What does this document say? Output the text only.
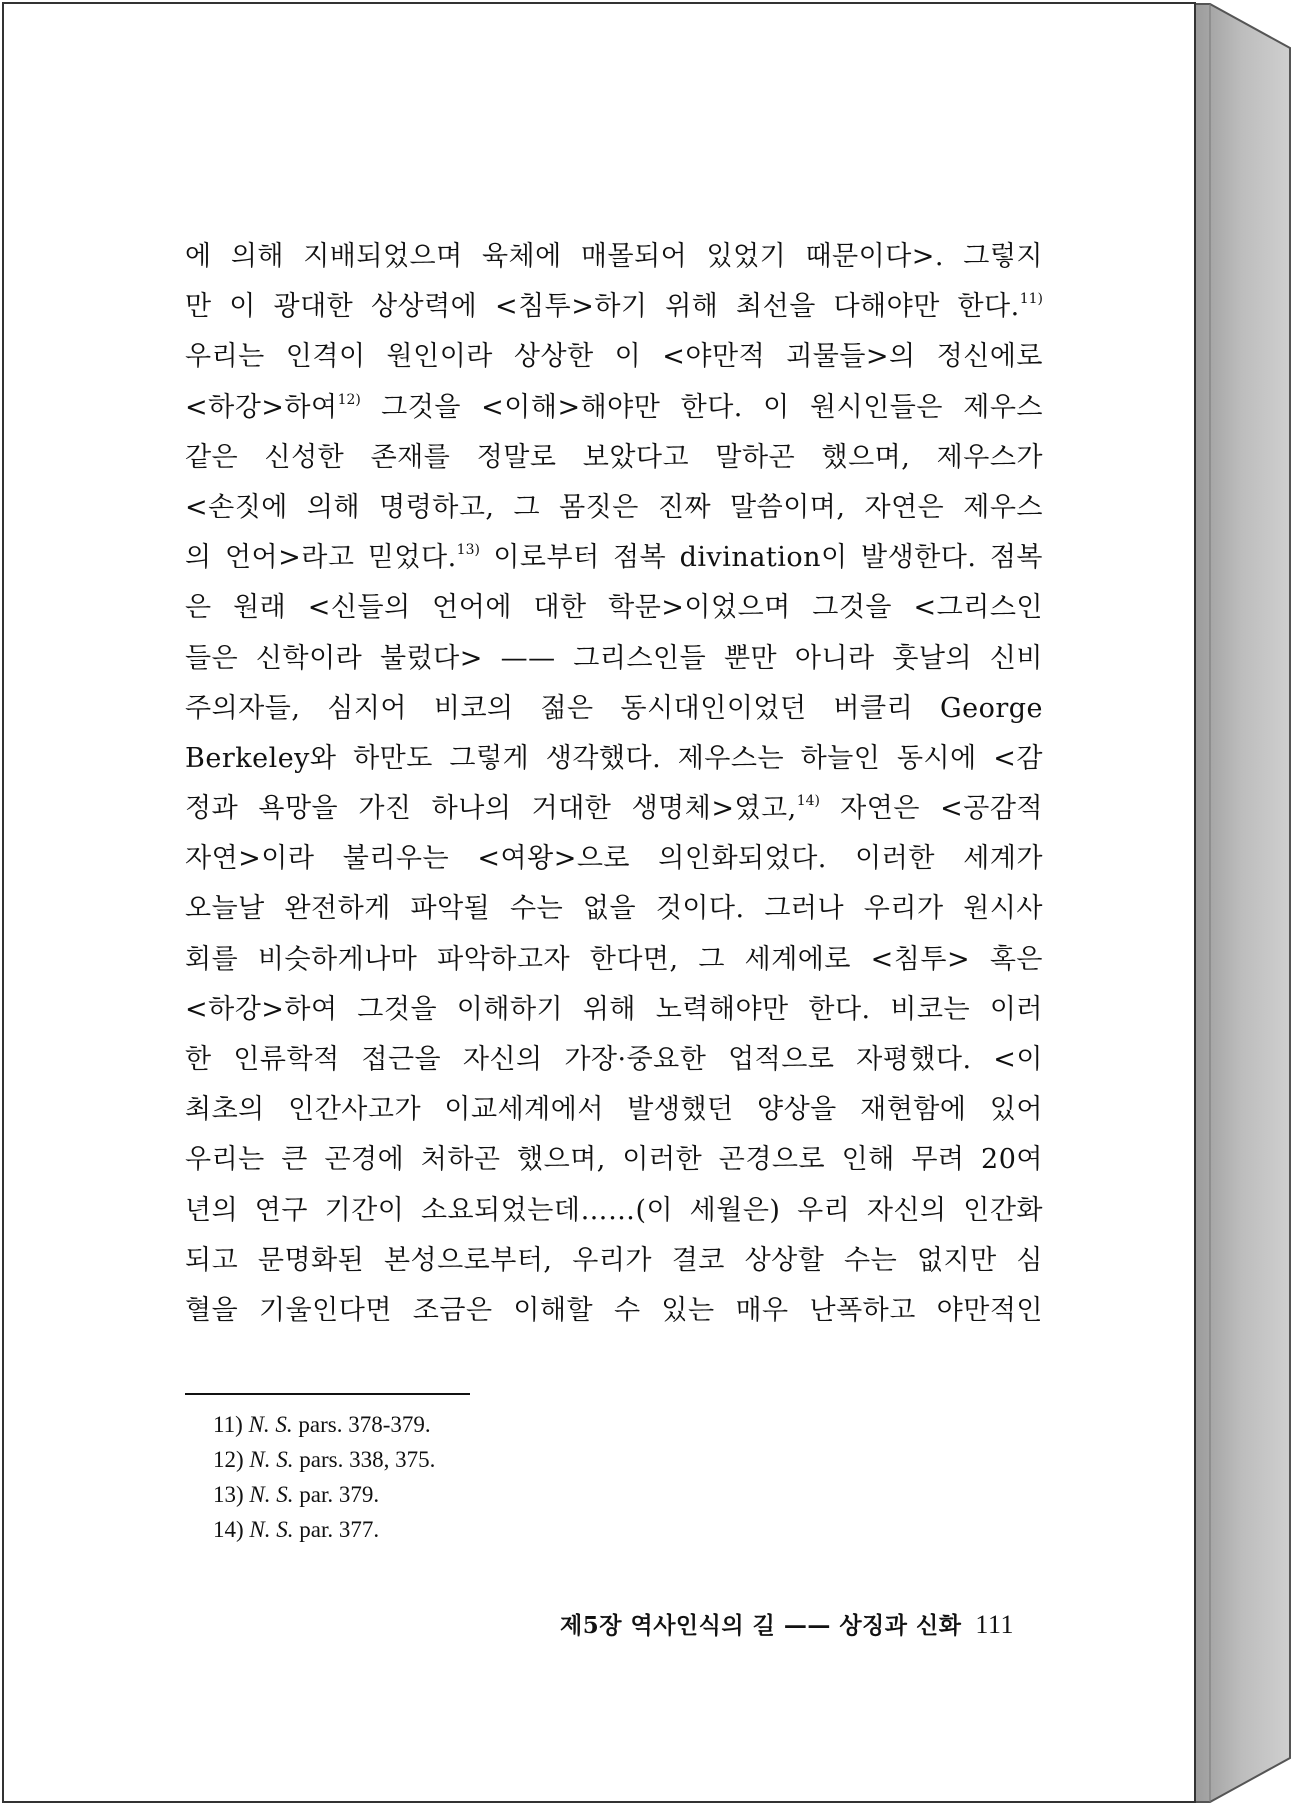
에 의해 지배되었으며 육체에 매몰되어 있었기 때문이다>. 그렇지
만 이 광대한 상상력에 <침투>하기 위해 최선을 다해야만 한다.$^{11)}$
우리는 인격이 원인이라 상상한 이 <야만적 괴물들>의 정신에로
<하강>하여$^{12)}$ 그것을 <이해>해야만 한다. 이 원시인들은 제우스
같은 신성한 존재를 정말로 보았다고 말하곤 했으며, 제우스가
<손짓에 의해 명령하고, 그 몸짓은 진짜 말씀이며, 자연은 제우스
의 언어>라고 믿었다.$^{13)}$ 이로부터 점복 divination이 발생한다. 점복
은 원래 <신들의 언어에 대한 학문>이었으며 그것을 <그리스인
들은 신학이라 불렀다> —— 그리스인들 뿐만 아니라 훗날의 신비
주의자들, 심지어 비코의 젊은 동시대인이었던 버클리 George
Berkeley와 하만도 그렇게 생각했다. 제우스는 하늘인 동시에 <감
정과 욕망을 가진 하나의 거대한 생명체>였고,$^{14)}$ 자연은 <공감적
자연>이라 불리우는 <여왕>으로 의인화되었다. 이러한 세계가
오늘날 완전하게 파악될 수는 없을 것이다. 그러나 우리가 원시사
회를 비슷하게나마 파악하고자 한다면, 그 세계에로 <침투> 혹은
<하강>하여 그것을 이해하기 위해 노력해야만 한다. 비코는 이러
한 인류학적 접근을 자신의 가장·중요한 업적으로 자평했다. <이
최초의 인간사고가 이교세계에서 발생했던 양상을 재현함에 있어
우리는 큰 곤경에 처하곤 했으며, 이러한 곤경으로 인해 무려 20여
년의 연구 기간이 소요되었는데……(이 세월은) 우리 자신의 인간화
되고 문명화된 본성으로부터, 우리가 결코 상상할 수는 없지만 심
혈을 기울인다면 조금은 이해할 수 있는 매우 난폭하고 야만적인
11) N. S. pars. 378-379.
12) N. S. pars. 338, 375.
13) N. S. par. 379.
14) N. S. par. 377.
제5장 역사인식의 길 —— 상징과 신화 111
